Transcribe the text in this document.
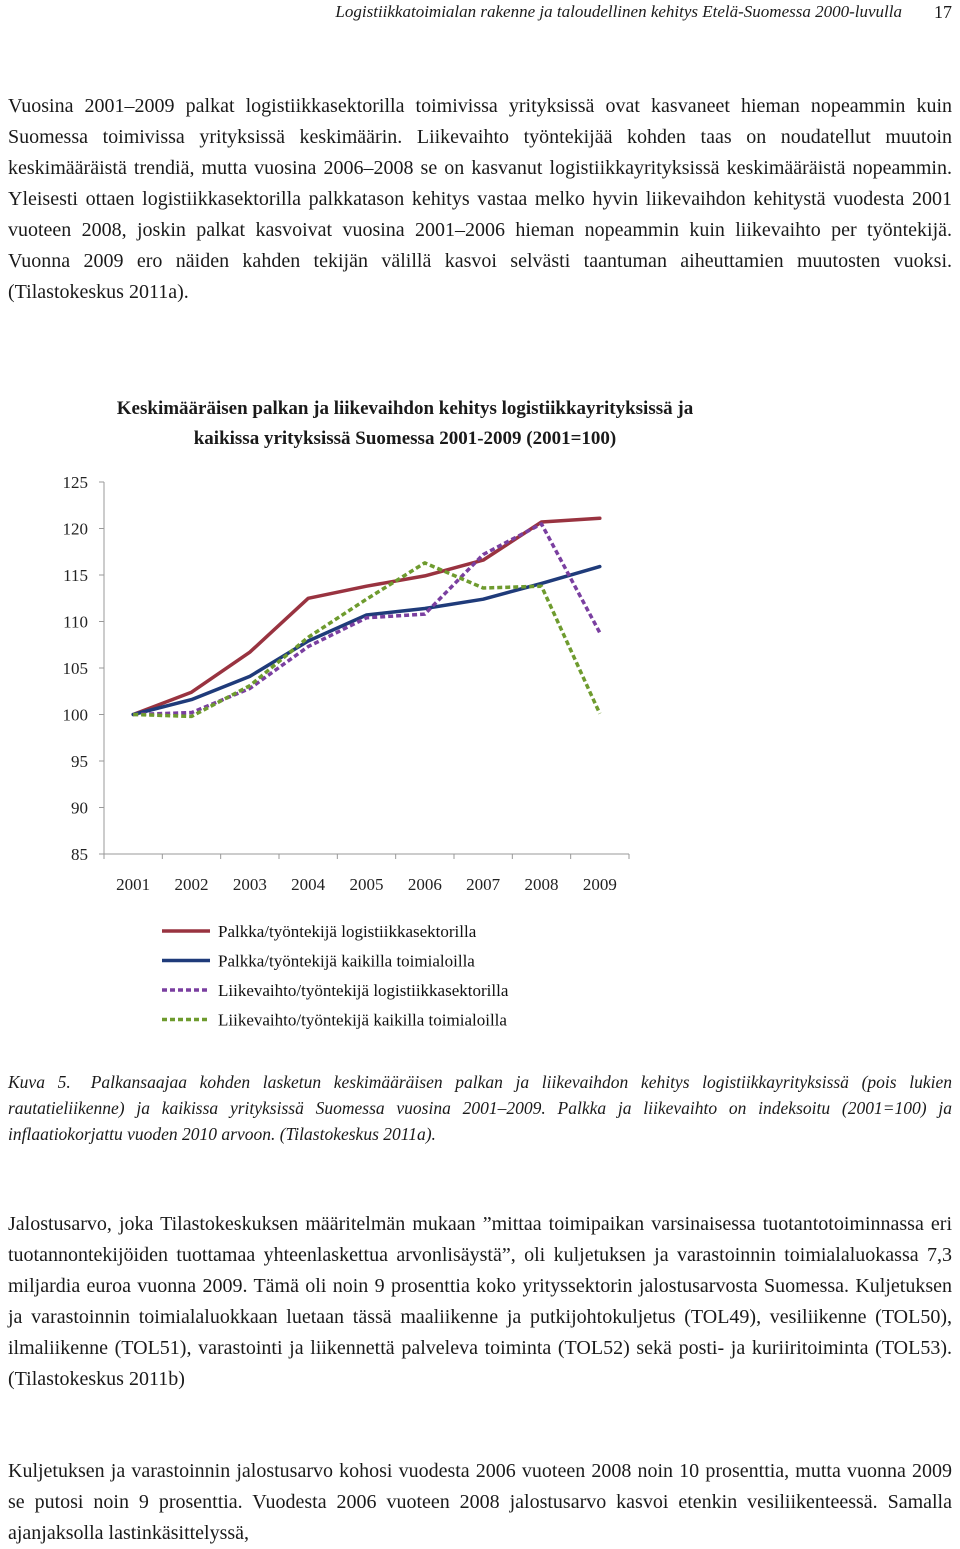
Logistiikkatoimialan rakenne ja taloudellinen kehitys Etelä-Suomessa 2000-luvulla 17

Vuosina 2001–2009 palkat logistiikkasektorilla toimivissa yrityksissä ovat kasvaneet hieman nopeammin kuin Suomessa toimivissa yrityksissä keskimäärin. Liikevaihto työntekijää kohden taas on noudatellut muutoin keskimääräistä trendiä, mutta vuosina 2006–2008 se on kasvanut logistiikkayrityksissä keskimääräistä nopeammin. Yleisesti ottaen logistiikkasektorilla palkkatason kehitys vastaa melko hyvin liikevaihdon kehitystä vuodesta 2001 vuoteen 2008, joskin palkat kasvoivat vuosina 2001–2006 hieman nopeammin kuin liikevaihto per työntekijä. Vuonna 2009 ero näiden kahden tekijän välillä kasvoi selvästi taantuman aiheuttamien muutosten vuoksi. (Tilastokeskus 2011a).

Keskimääräisen palkan ja liikevaihdon kehitys logistiikkayrityksissä ja
kaikissa yrityksissä Suomessa 2001-2009 (2001=100)
85
90
95
100
105
110
115
120
125
2001 2002 2003 2004 2005 2006 2007 2008 2009
Palkka/työntekijä logistiikkasektorilla
Palkka/työntekijä kaikilla toimialoilla
Liikevaihto/työntekijä logistiikkasektorilla
Liikevaihto/työntekijä kaikilla toimialoilla

Kuva 5. Palkansaajaa kohden lasketun keskimääräisen palkan ja liikevaihdon kehitys logistiikkayrityksissä (pois lukien rautatieliikenne) ja kaikissa yrityksissä Suomessa vuosina 2001–2009. Palkka ja liikevaihto on indeksoitu (2001=100) ja inflaatiokorjattu vuoden 2010 arvoon. (Tilastokeskus 2011a).

Jalostusarvo, joka Tilastokeskuksen määritelmän mukaan ”mittaa toimipaikan varsinaisessa tuotantotoiminnassa eri tuotannontekijöiden tuottamaa yhteenlaskettua arvonlisäystä”, oli kuljetuksen ja varastoinnin toimialaluokassa 7,3 miljardia euroa vuonna 2009. Tämä oli noin 9 prosenttia koko yrityssektorin jalostusarvosta Suomessa. Kuljetuksen ja varastoinnin toimialaluokkaan luetaan tässä maaliikenne ja putkijohtokuljetus (TOL49), vesiliikenne (TOL50), ilmaliikenne (TOL51), varastointi ja liikennettä palveleva toiminta (TOL52) sekä posti- ja kuriiritoiminta (TOL53). (Tilastokeskus 2011b)

Kuljetuksen ja varastoinnin jalostusarvo kohosi vuodesta 2006 vuoteen 2008 noin 10 prosenttia, mutta vuonna 2009 se putosi noin 9 prosenttia. Vuodesta 2006 vuoteen 2008 jalostusarvo kasvoi etenkin vesiliikenteessä. Samalla ajanjaksolla lastinkäsittelyssä,
